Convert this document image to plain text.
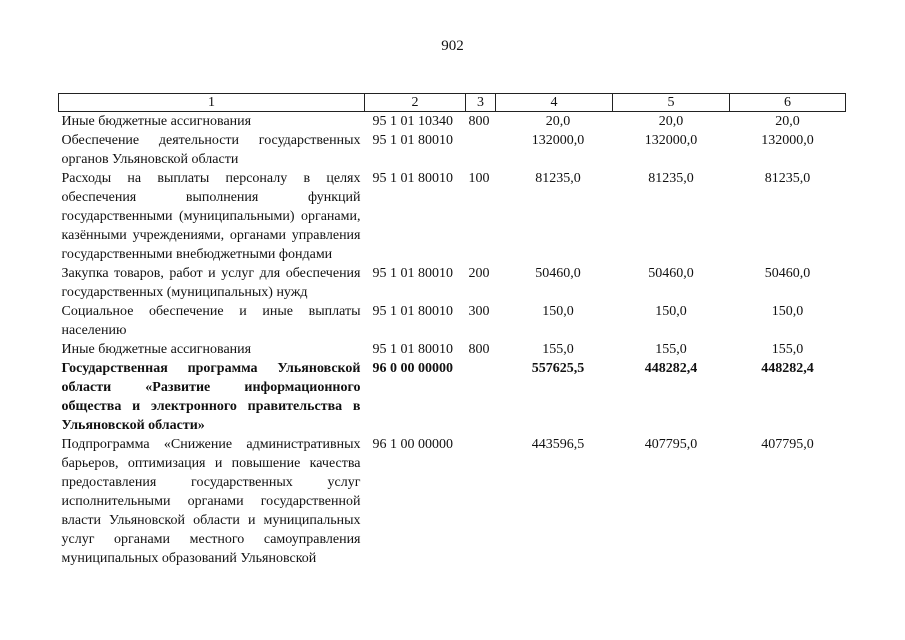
902
1	2	3	4	5	6
Иные бюджетные ассигнования	95 1 01 10340	800	20,0	20,0	20,0
Обеспечение деятельности государственных органов Ульяновской области	95 1 01 80010		132000,0	132000,0	132000,0
Расходы на выплаты персоналу в целях обеспечения выполнения функций государственными (муниципальными) органами, казёнными учреждениями, органами управления государственными внебюджетными фондами	95 1 01 80010	100	81235,0	81235,0	81235,0
Закупка товаров, работ и услуг для обеспечения государственных (муниципальных) нужд	95 1 01 80010	200	50460,0	50460,0	50460,0
Социальное обеспечение и иные выплаты населению	95 1 01 80010	300	150,0	150,0	150,0
Иные бюджетные ассигнования	95 1 01 80010	800	155,0	155,0	155,0
Государственная программа Ульяновской области «Развитие информационного общества и электронного правительства в Ульяновской области»	96 0 00 00000		557625,5	448282,4	448282,4
Подпрограмма «Снижение административных барьеров, оптимизация и повышение качества предоставления государственных услуг исполнительными органами государственной власти Ульяновской области и муниципальных услуг органами местного самоуправления муниципальных образований Ульяновской	96 1 00 00000		443596,5	407795,0	407795,0
